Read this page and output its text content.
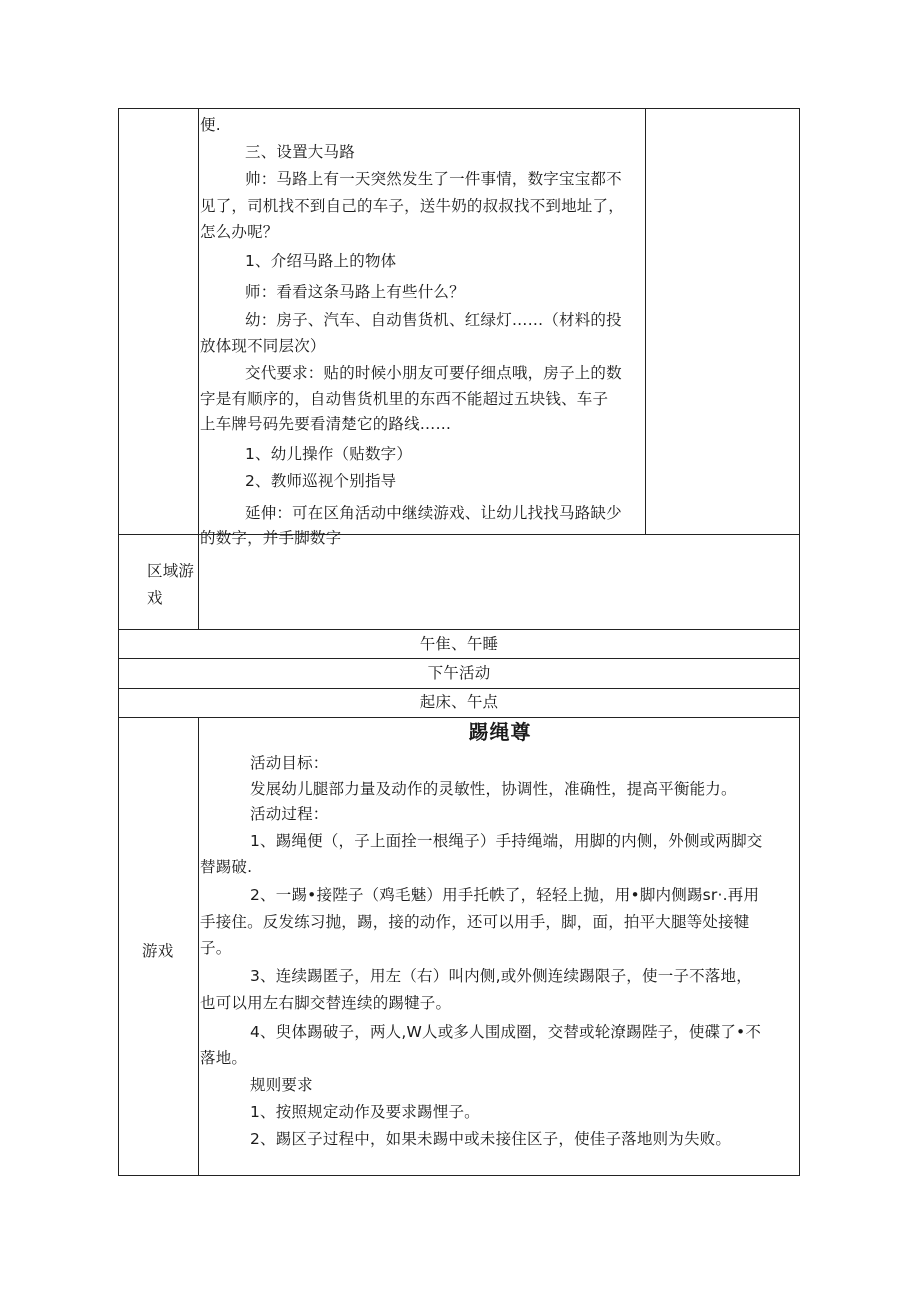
便.
三、设置大马路
帅：马路上有一天突然发生了一件事情，数字宝宝都不
见了，司机找不到自己的车子，送牛奶的叔叔找不到地址了，
怎么办呢？
1、介绍马路上的物体
师：看看这条马路上有些什么？
幼：房子、汽车、自动售货机、红绿灯……（材料的投
放体现不同层次）
交代要求：贴的时候小朋友可要仔细点哦，房子上的数
字是有顺序的，自动售货机里的东西不能超过五块钱、车子
上车牌号码先要看清楚它的路线……
1、幼儿操作（贴数字）
2、教师巡视个别指导
延伸：可在区角活动中继续游戏、让幼儿找找马路缺少
的数字，并手脚数字
区域游
戏
午隹、午睡
下午活动
起床、午点
游戏
踢绳尊
活动目标：
发展幼儿腿部力量及动作的灵敏性，协调性，准确性，提高平衡能力。
活动过程：
1、踢绳便（，子上面拴一根绳子）手持绳端，用脚的内侧，外侧或两脚交
替踢破.
2、一踢•接陛子（鸡毛魅）用手托帙了，轻轻上抛，用•脚内侧踢sr·.再用
手接住。反发练习抛，踢，接的动作，还可以用手，脚，面，拍平大腿等处接犍
子。
3、连续踢匿子，用左（右）叫内侧,或外侧连续踢限子，使一子不落地，
也可以用左右脚交替连续的踢犍子。
4、臾体踢破子，两人,W人或多人围成圈，交替或轮潦踢陛子，使碟了•不
落地。
规则要求
1、按照规定动作及要求踢悝子。
2、踢区子过程中，如果未踢中或未接住区子，使佳子落地则为失败。
